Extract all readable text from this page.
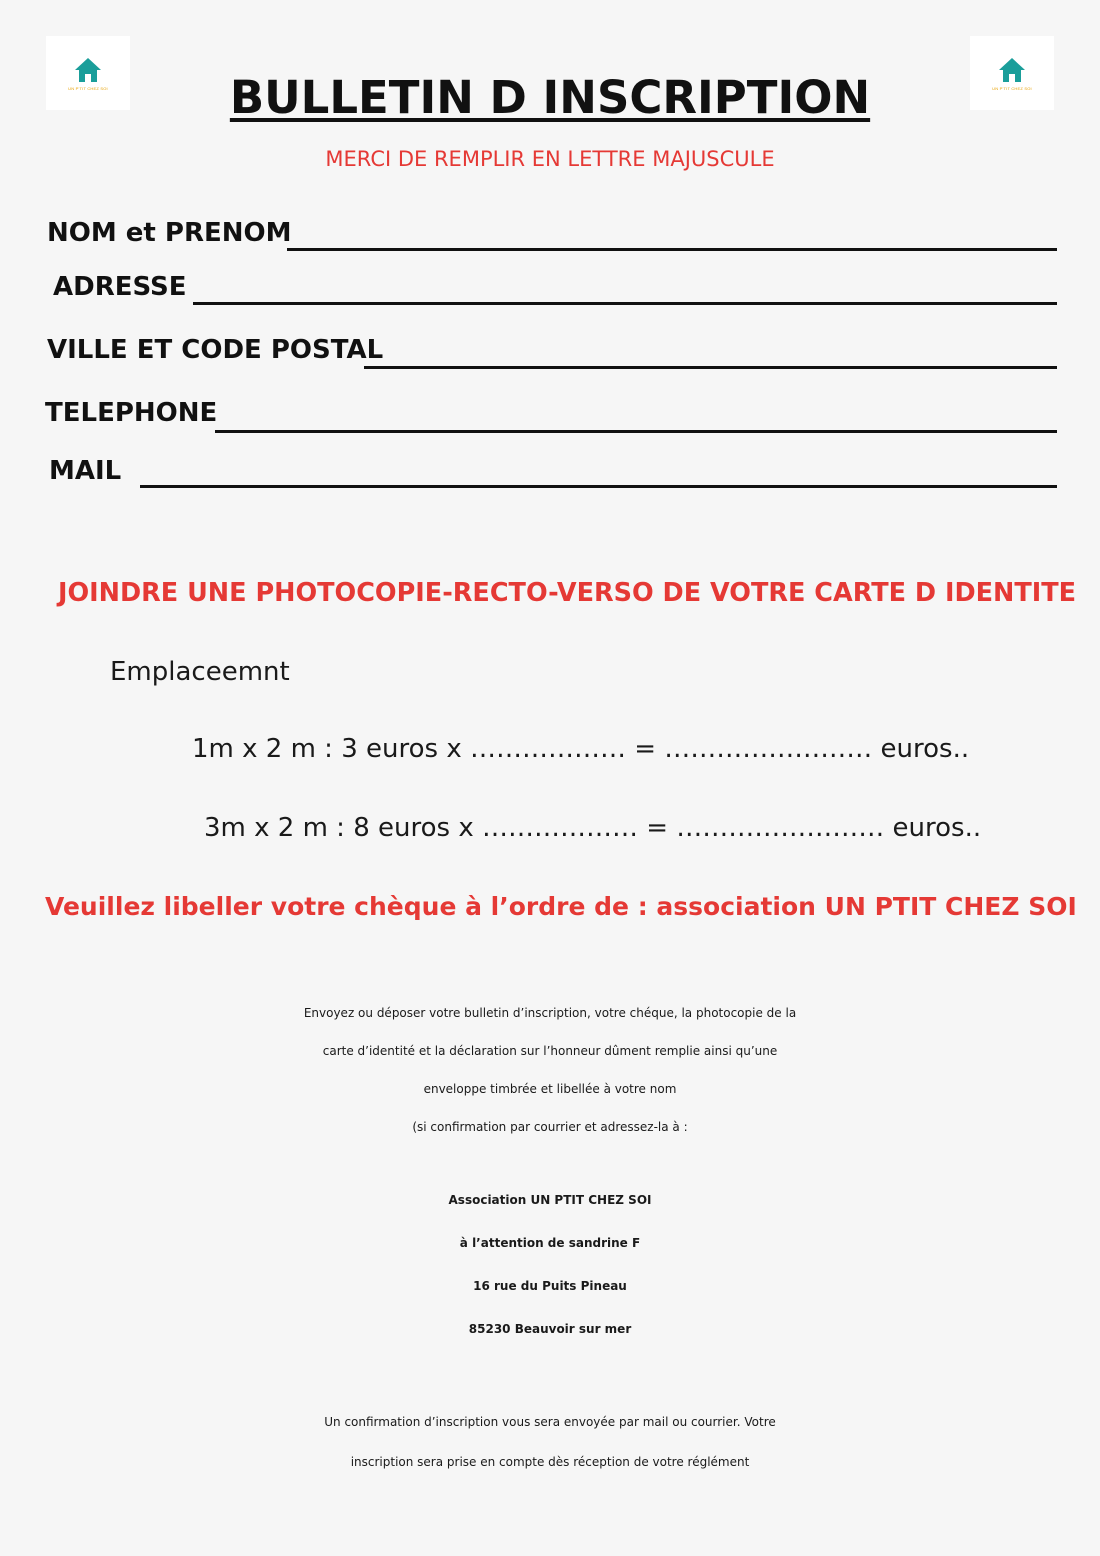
UN P'TIT CHEZ SOI	UN P'TIT CHEZ SOI
BULLETIN D INSCRIPTION
MERCI DE REMPLIR EN LETTRE MAJUSCULE
NOM et PRENOM
ADRESSE
VILLE ET CODE POSTAL
TELEPHONE
MAIL
JOINDRE UNE PHOTOCOPIE-RECTO-VERSO DE VOTRE CARTE D IDENTITE
Emplaceemnt
1m x 2 m : 3 euros x ……………… = …………………… euros..
3m x 2 m : 8 euros x ……………… = …………………… euros..
Veuillez libeller votre chèque à l’ordre de : association UN PTIT CHEZ SOI

Envoyez ou déposer votre bulletin d’inscription, votre chéque, la photocopie de la

carte d’identité et la déclaration sur l’honneur dûment remplie ainsi qu’une

enveloppe timbrée et libellée à votre nom

(si confirmation par courrier et adressez-la à :

Association UN PTIT CHEZ SOI

à l’attention de sandrine F

16 rue du Puits Pineau

85230 Beauvoir sur mer

Un confirmation d’inscription vous sera envoyée par mail ou courrier. Votre

inscription sera prise en compte dès réception de votre réglément
